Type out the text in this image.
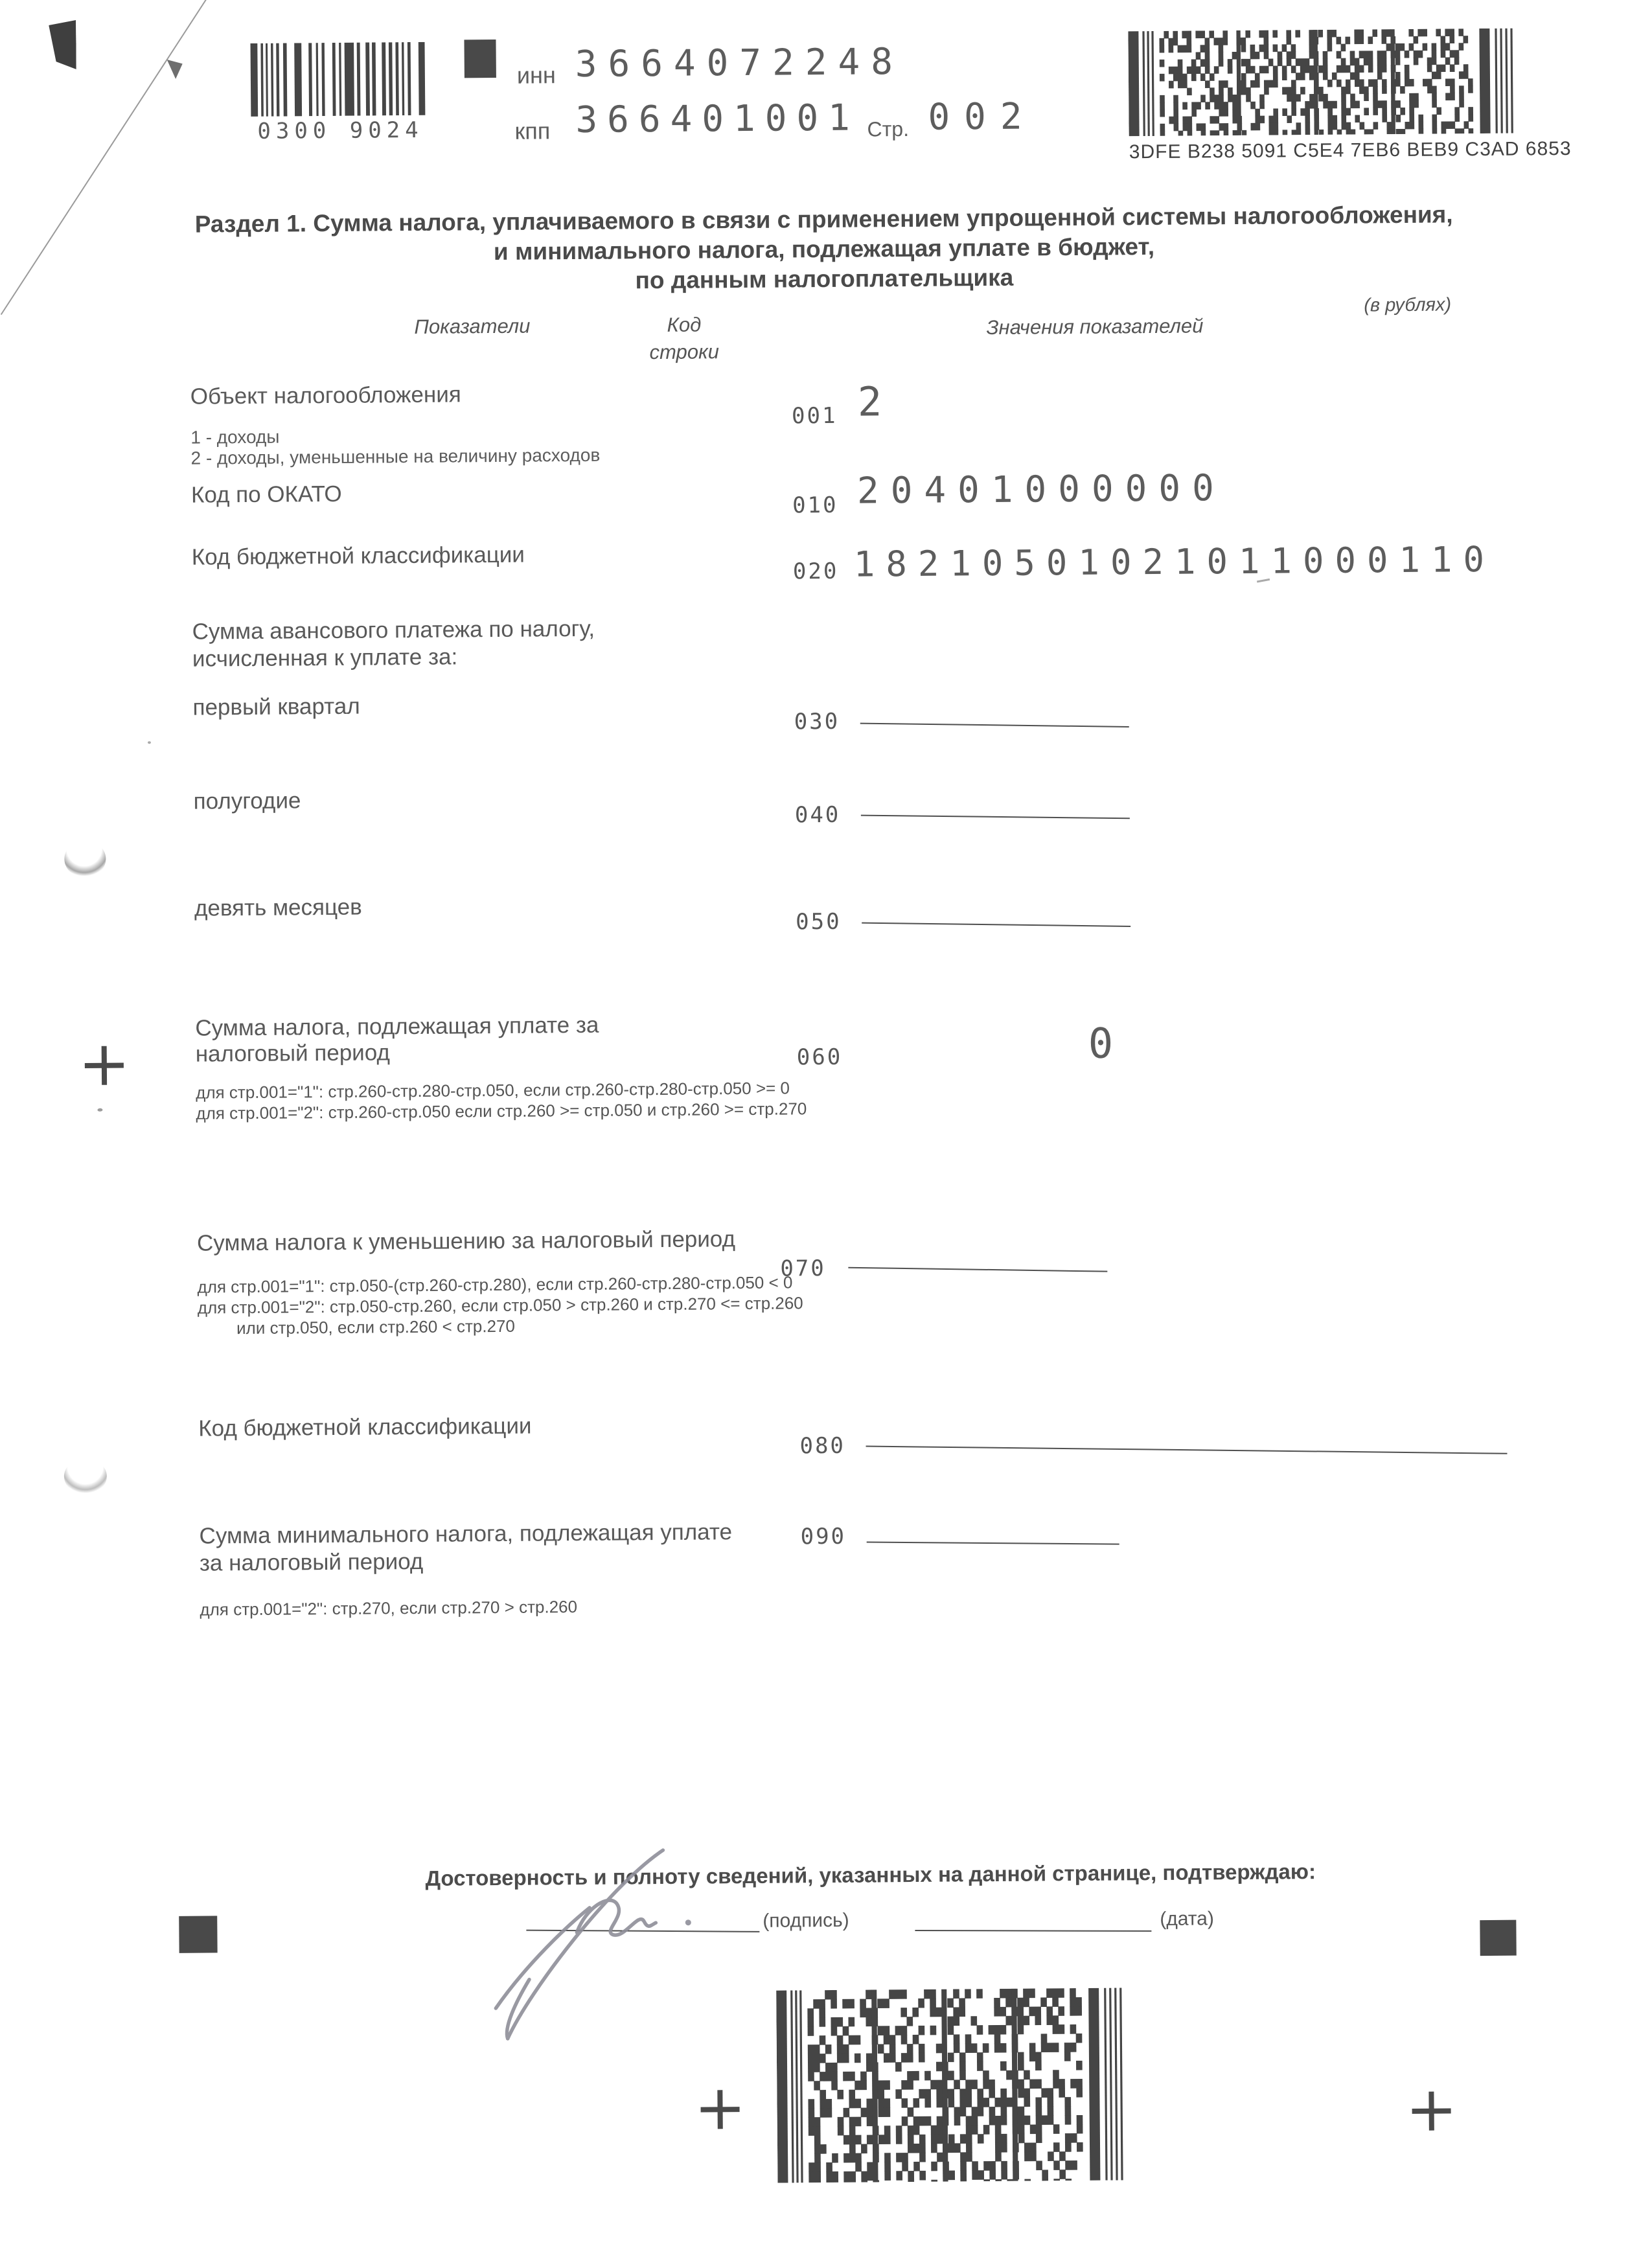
0300 9024
инн 3664072248
кпп 366401001 Стр. 002
3DFE B238 5091 C5E4 7EB6 BEB9 C3AD 6853
Раздел 1. Сумма налога, уплачиваемого в связи с применением упрощенной системы налогообложения,
и минимального налога, подлежащая уплате в бюджет,
по данным налогоплательщика
(в рублях)
Показатели	Код
строки
Значения показателей
Объект налогообложения
1 - доходы
2 - доходы, уменьшенные на величину расходов
001 2
Код по ОКАТО	010 20401000000
Код бюджетной классификации
020 18210501021011000110
Сумма авансового платежа по налогу,
исчисленная к уплате за:
первый квартал
030
полугодие
040
девять месяцев
050
Сумма налога, подлежащая уплате за
налоговый период	060	0
для стр.001="1": стр.260-стр.280-стр.050, если стр.260-стр.280-стр.050 >= 0
для стр.001="2": стр.260-стр.050 если стр.260 >= стр.050 и стр.260 >= стр.270
Сумма налога к уменьшению за налоговый период
070
для стр.001="1": стр.050-(стр.260-стр.280), если стр.260-стр.280-стр.050 < 0
для стр.001="2": стр.050-стр.260, если стр.050 > стр.260 и стр.270 <= стр.260
или стр.050, если стр.260 < стр.270
Код бюджетной классификации
080
Сумма минимального налога, подлежащая уплате
за налоговый период
090
для стр.001="2": стр.270, если стр.270 > стр.260
Достоверность и полноту сведений, указанных на данной странице, подтверждаю:
(подпись)	(дата)
